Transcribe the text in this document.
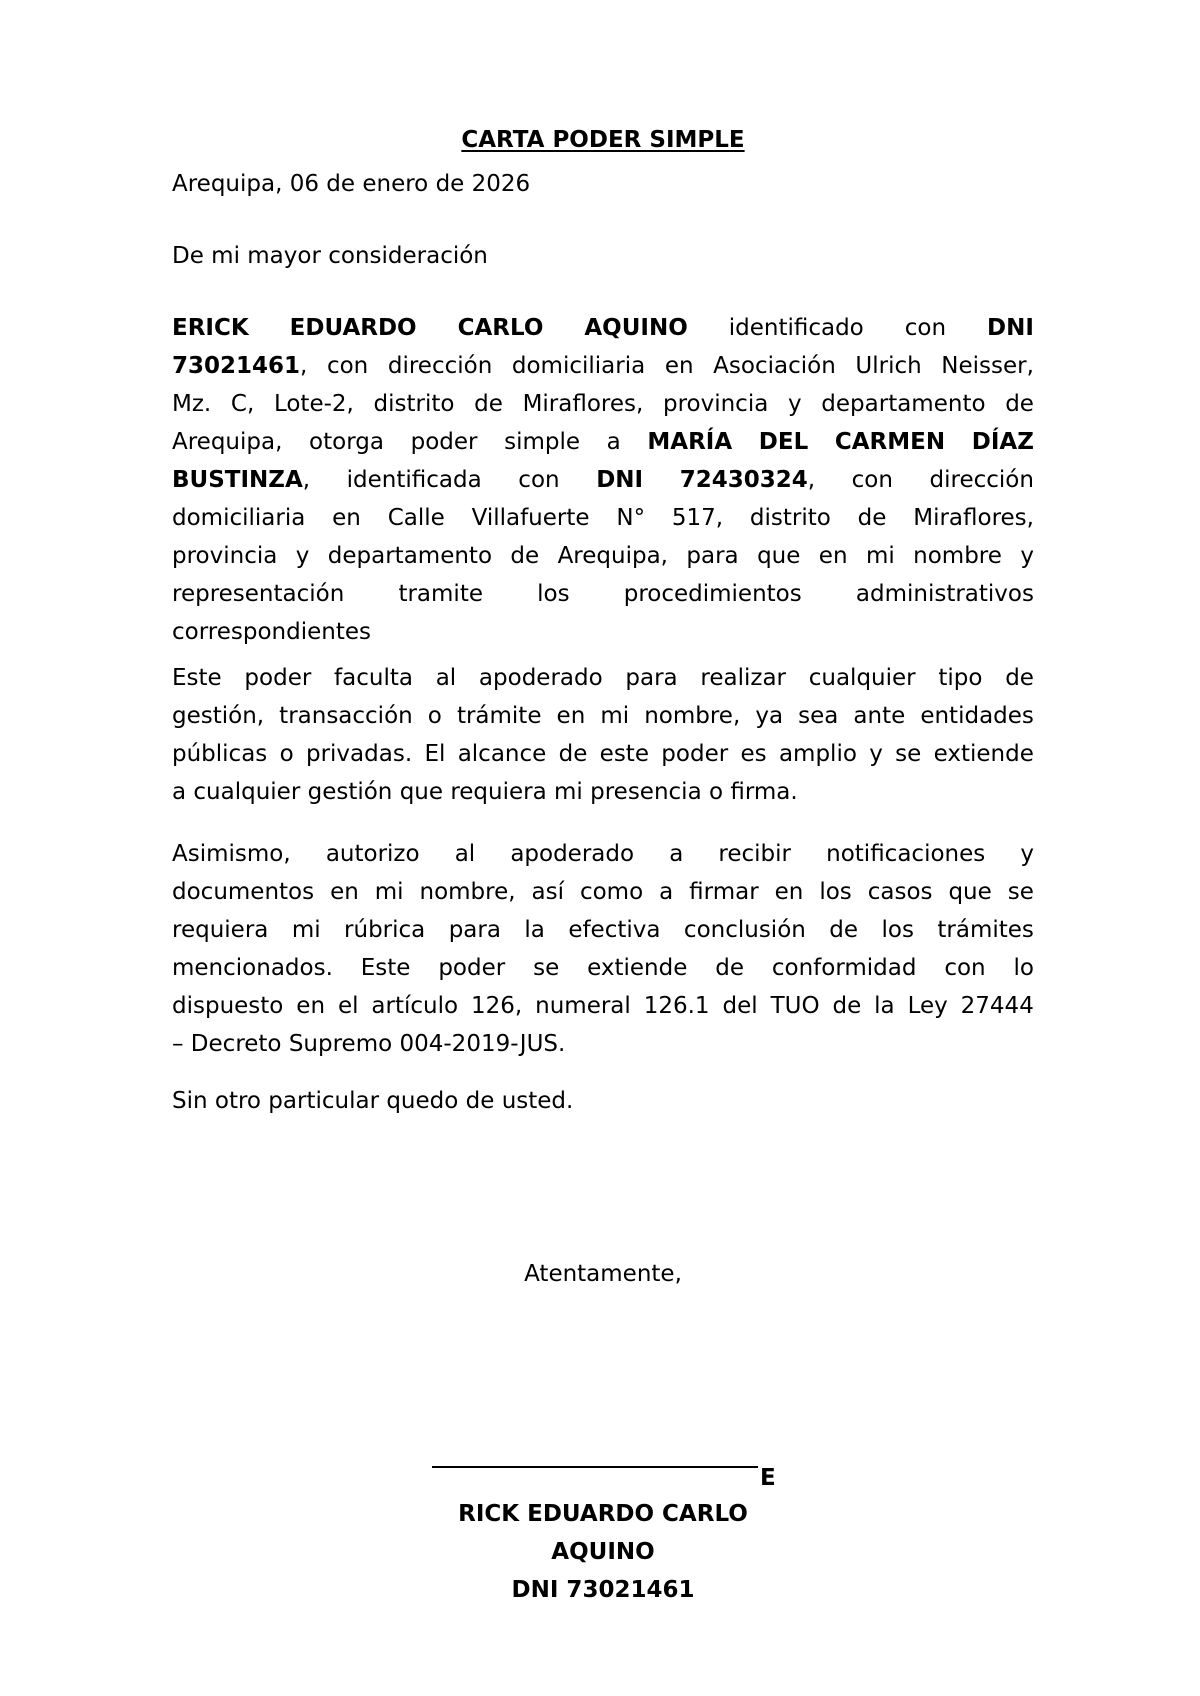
CARTA PODER SIMPLE
Arequipa, 06 de enero de 2026
De mi mayor consideración
ERICK EDUARDO CARLO AQUINO identificado con DNI
73021461, con dirección domiciliaria en Asociación Ulrich Neisser,
Mz. C, Lote-2, distrito de Miraflores, provincia y departamento de
Arequipa, otorga poder simple a MARÍA DEL CARMEN DÍAZ
BUSTINZA, identificada con DNI 72430324, con dirección
domiciliaria en Calle Villafuerte N° 517, distrito de Miraflores,
provincia y departamento de Arequipa, para que en mi nombre y
representación tramite los procedimientos administrativos
correspondientes
Este poder faculta al apoderado para realizar cualquier tipo de
gestión, transacción o trámite en mi nombre, ya sea ante entidades
públicas o privadas. El alcance de este poder es amplio y se extiende
a cualquier gestión que requiera mi presencia o firma.
Asimismo, autorizo al apoderado a recibir notificaciones y
documentos en mi nombre, así como a firmar en los casos que se
requiera mi rúbrica para la efectiva conclusión de los trámites
mencionados. Este poder se extiende de conformidad con lo
dispuesto en el artículo 126, numeral 126.1 del TUO de la Ley 27444
– Decreto Supremo 004-2019-JUS.
Sin otro particular quedo de usted.
Atentamente,
E
RICK EDUARDO CARLO
AQUINO
DNI 73021461
